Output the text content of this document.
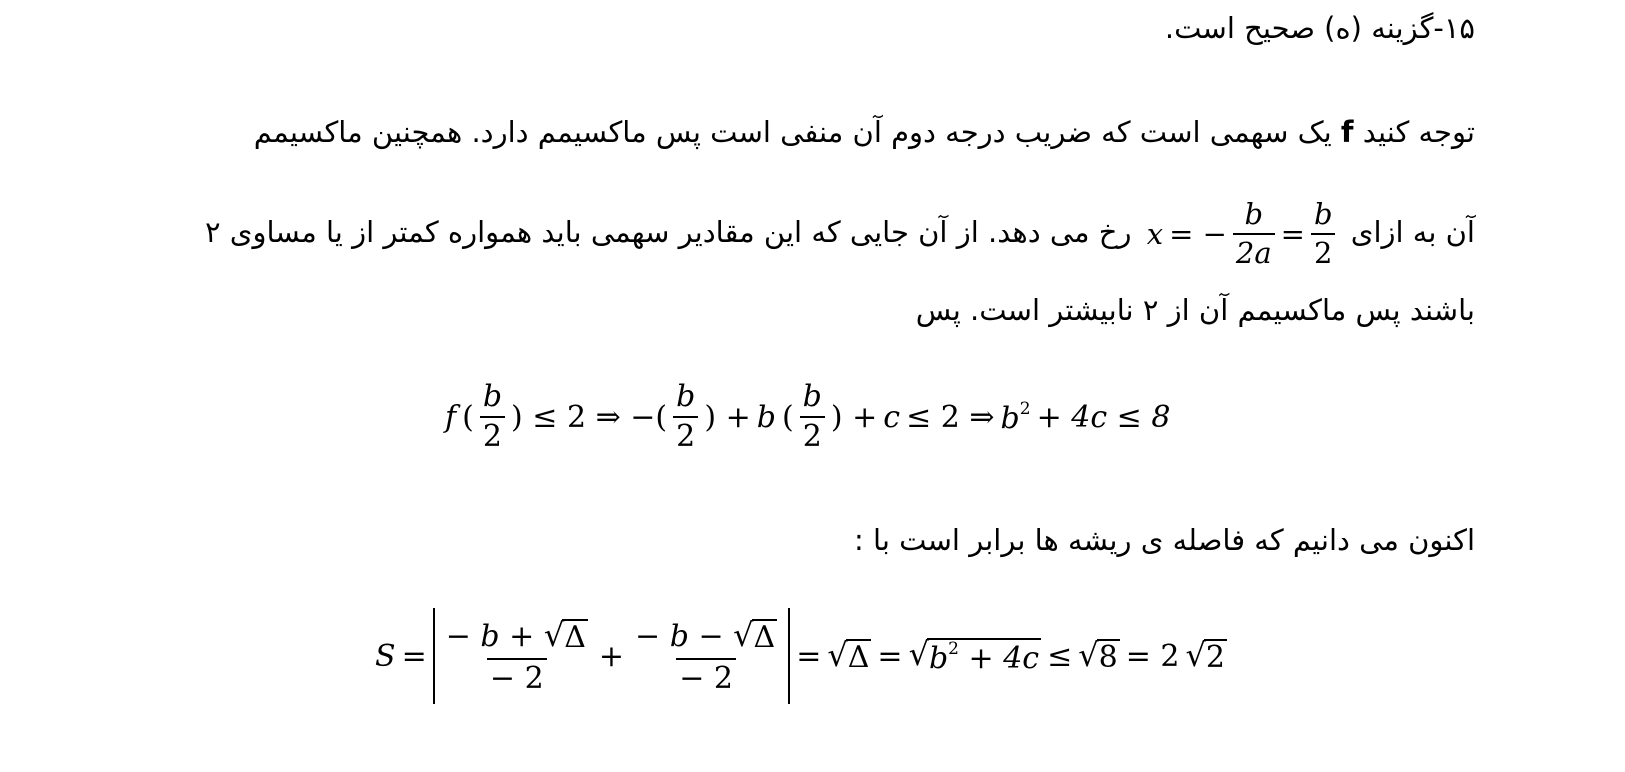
۱۵-گزینه (ه) صحیح است.
توجه کنید f یک سهمی است که ضریب درجه دوم آن منفی است پس ماکسیمم دارد. همچنین ماکسیمم
آن به ازای
x = − $\frac{b}{2a} = \frac{b}{2}$
رخ می دهد. از آن جایی که این مقادیر سهمی باید همواره کمتر از یا مساوی ۲
باشند پس ماکسیمم آن از ۲ نابیشتر است. پس
f ( $\frac{b}{2}$ ) ≤ 2 ⇒ −( $\frac{b}{2}$ ) + b ( $\frac{b}{2}$ ) + c ≤ 2 ⇒ $b^2 + 4c \le 8$
اکنون می دانیم که فاصله ی ریشه ها برابر است با :
$S = \frac{- b + √ \Delta}{- 2} + \frac{- b - √ \Delta}{- 2}$ = √ Δ = √ $b^2 + 4c$ ≤ √ 8 = 2 √ 2
